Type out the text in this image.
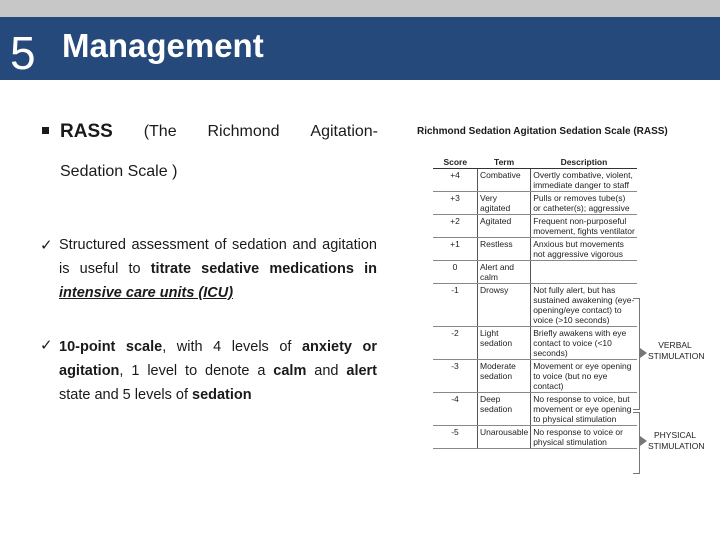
5 Management
RASS (The Richmond Agitation-
Sedation Scale )
✓ Structured assessment of sedation and agitation is useful to titrate sedative medications in intensive care units (ICU)
✓ 10-point scale, with 4 levels of anxiety or agitation, 1 level to denote a calm and alert state and 5 levels of sedation
Richmond Sedation Agitation Sedation Scale (RASS)
Score	Term	Description
+4	Combative	Overtly combative, violent, immediate danger to staff
+3	Very agitated	Pulls or removes tube(s) or catheter(s); aggressive
+2	Agitated	Frequent non-purposeful movement, fights ventilator
+1	Restless	Anxious but movements not aggressive vigorous
0	Alert and calm	
-1	Drowsy	Not fully alert, but has sustained awakening (eye-opening/eye contact) to voice (>10 seconds)
-2	Light sedation	Briefly awakens with eye contact to voice (<10 seconds)
-3	Moderate sedation	Movement or eye opening to voice (but no eye contact)
-4	Deep sedation	No response to voice, but movement or eye opening to physical stimulation
-5	Unarousable	No response to voice or physical stimulation
VERBAL STIMULATION
PHYSICAL STIMULATION
